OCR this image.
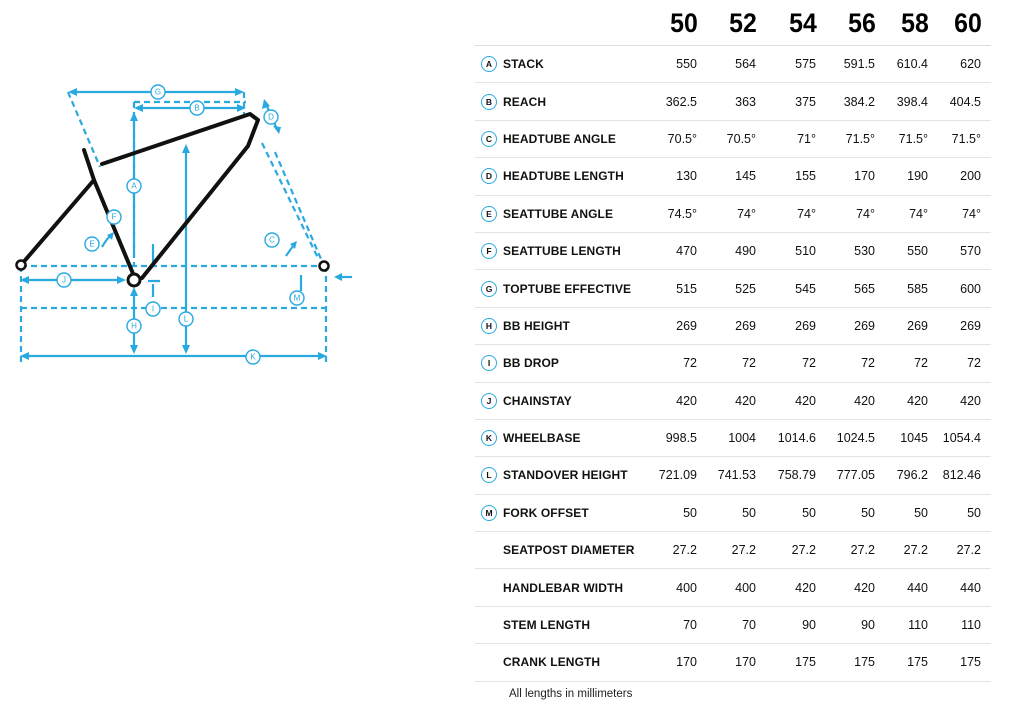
G
B
D
A
F
E	C
J
I
M
H
L
K
		50	52	54	56	58	60
A	STACK	550	564	575	591.5	610.4	620
B	REACH	362.5	363	375	384.2	398.4	404.5
C	HEADTUBE ANGLE	70.5°	70.5°	71°	71.5°	71.5°	71.5°
D	HEADTUBE LENGTH	130	145	155	170	190	200
E	SEATTUBE ANGLE	74.5°	74°	74°	74°	74°	74°
F	SEATTUBE LENGTH	470	490	510	530	550	570
G	TOPTUBE EFFECTIVE	515	525	545	565	585	600
H	BB HEIGHT	269	269	269	269	269	269
I	BB DROP	72	72	72	72	72	72
J	CHAINSTAY	420	420	420	420	420	420
K	WHEELBASE	998.5	1004	1014.6	1024.5	1045	1054.4
L	STANDOVER HEIGHT	721.09	741.53	758.79	777.05	796.2	812.46
M	FORK OFFSET	50	50	50	50	50	50
	SEATPOST DIAMETER	27.2	27.2	27.2	27.2	27.2	27.2
	HANDLEBAR WIDTH	400	400	420	420	440	440
	STEM LENGTH	70	70	90	90	110	110
	CRANK LENGTH	170	170	175	175	175	175
All lengths in millimeters
